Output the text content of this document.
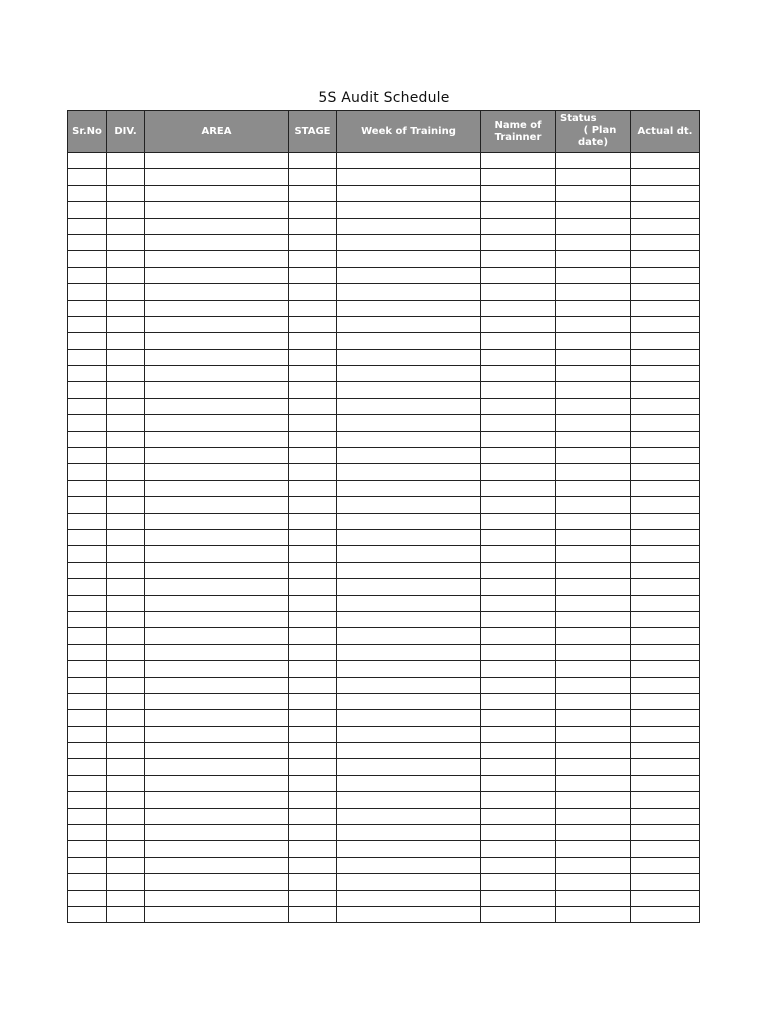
5S Audit Schedule
Sr.No	DIV.	AREA	STAGE	Week of Training	Name of Trainner	Status
( Plan
date)	Actual dt.
